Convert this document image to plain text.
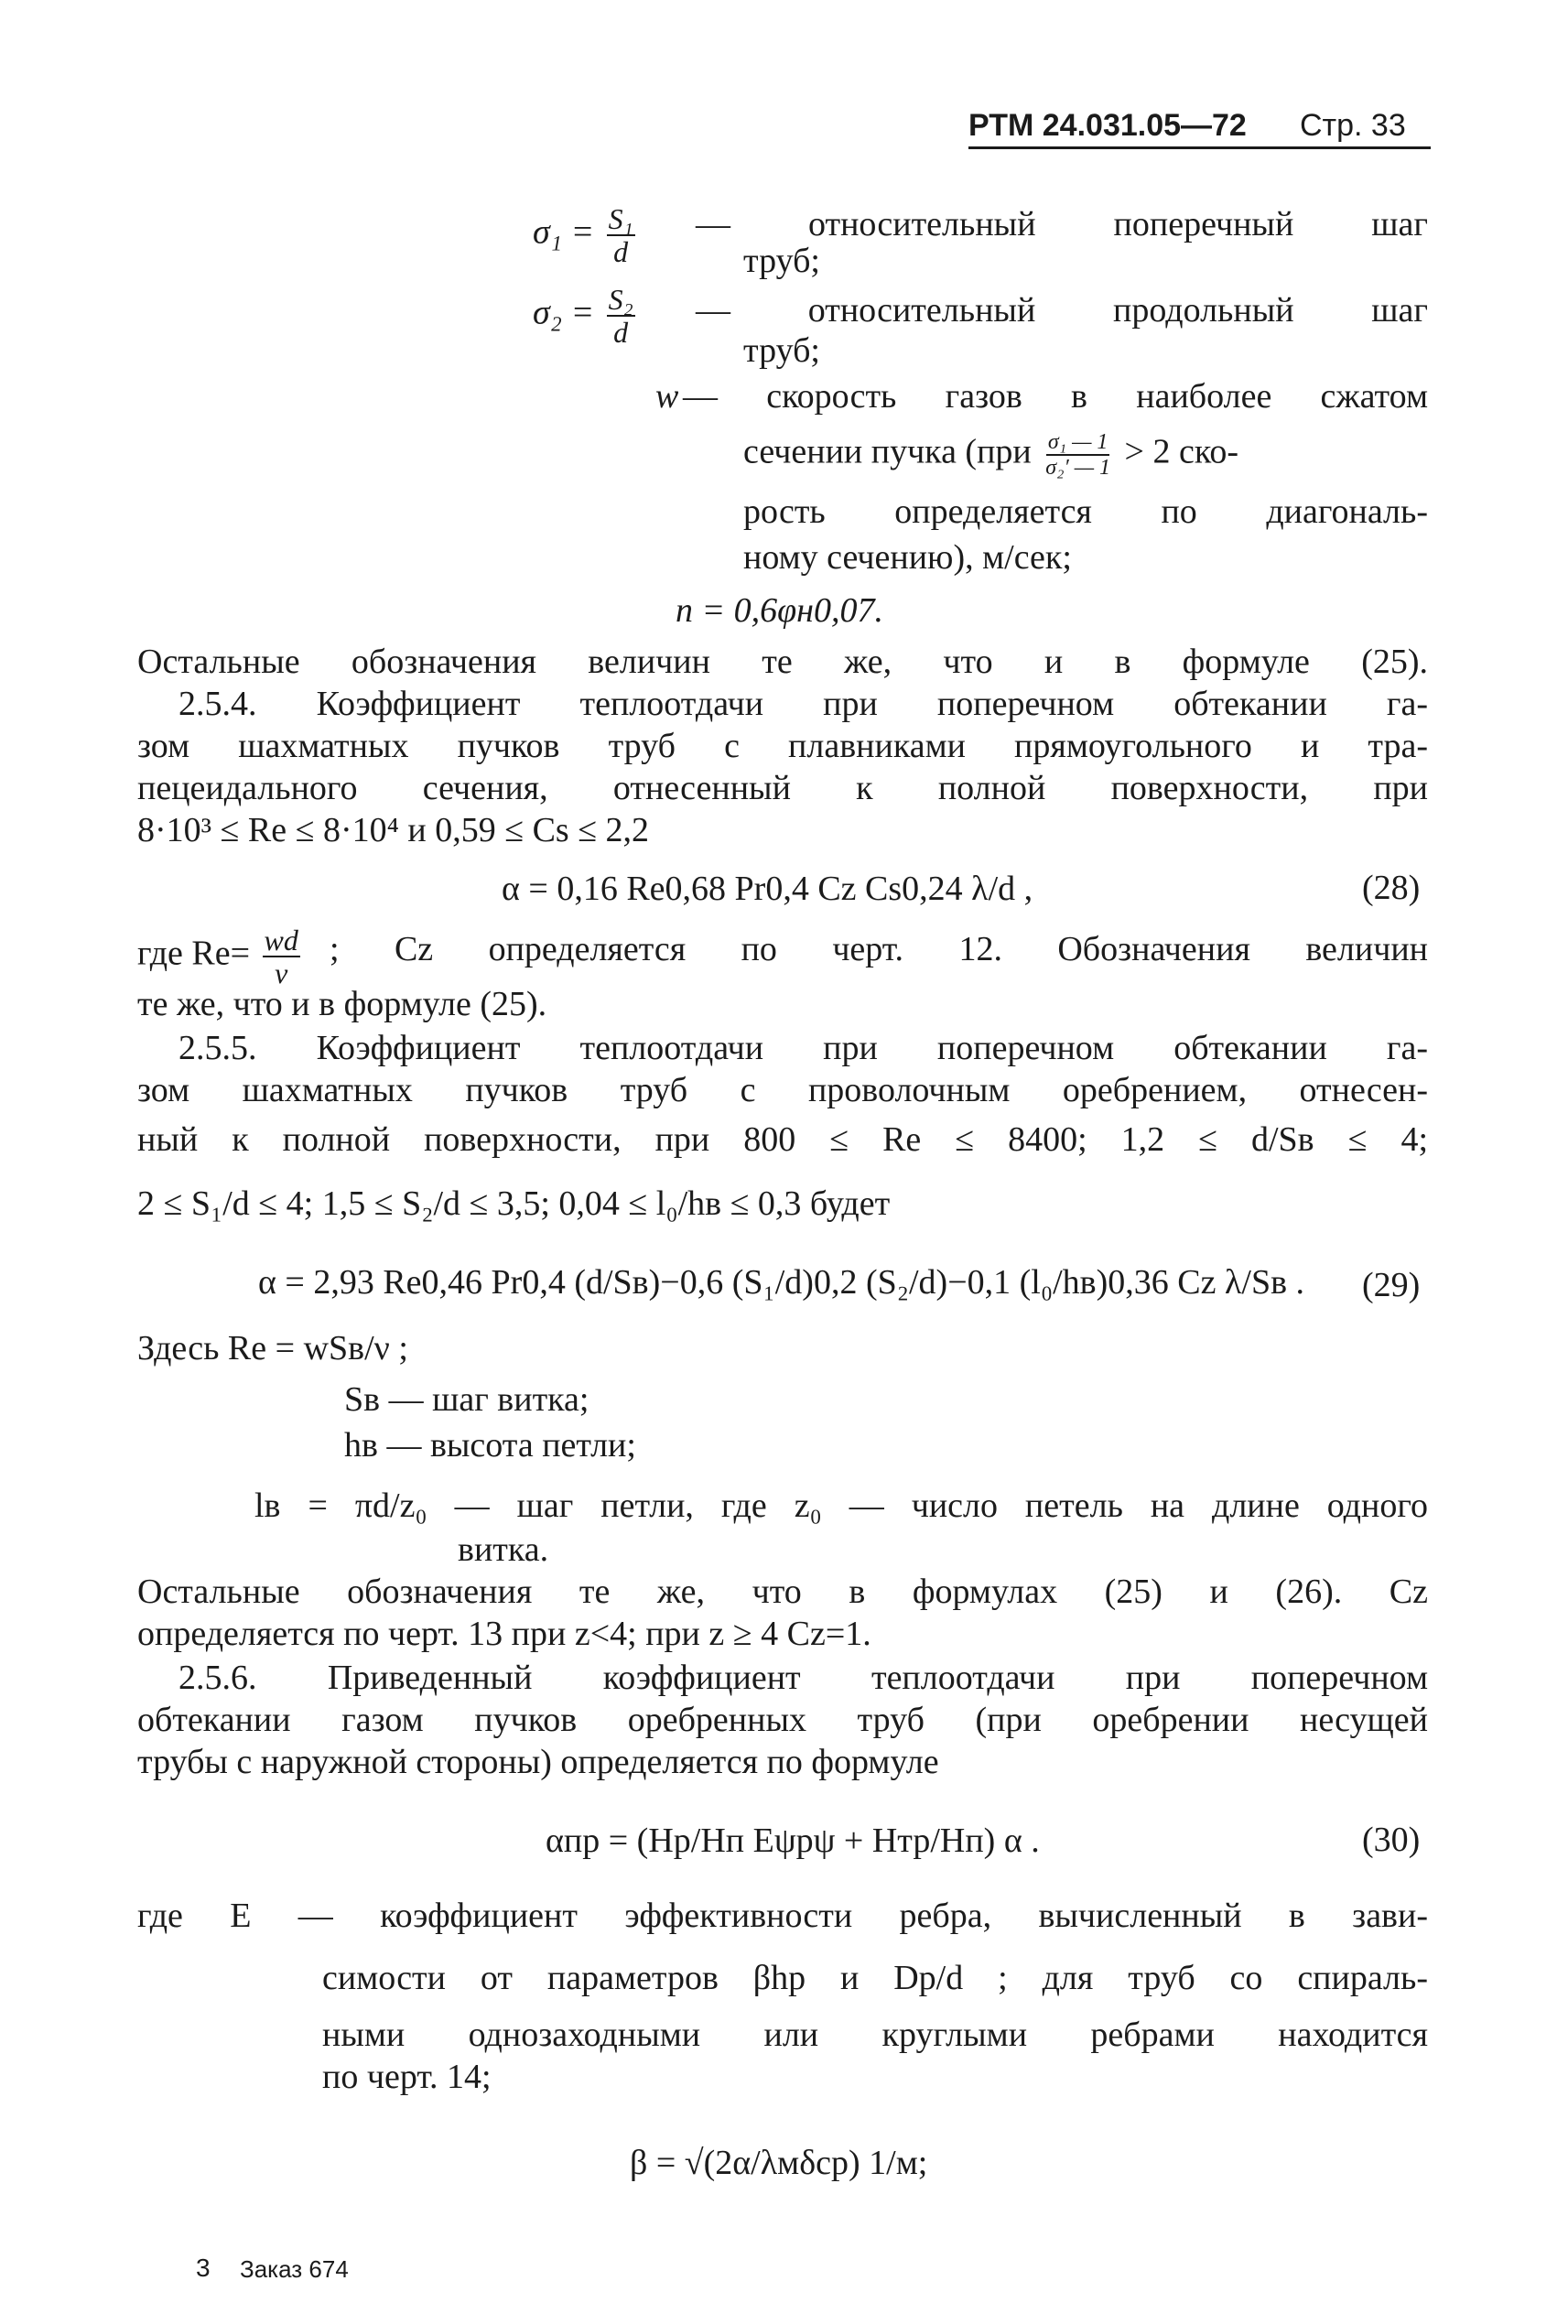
РТМ 24.031.05—72 Стр. 33
$\sigma_1 = \frac{\text{S₁}}{d}$ — относительный поперечный шаг
труб;
$\sigma_2 = \frac{\text{S₂}}{d}$ — относительный продольный шаг
труб;
w — скорость газов в наиболее сжатом
сечении пучка ($при \frac{\text{σ₁ — 1}}{\text{σ₂′ — 1}} > 2$ ско-
рость определяется по диагональ-
ному сечению), м/сек;
n = 0,6φн0,07.
Остальные обозначения величин те же, что и в формуле (25).
2.5.4. Коэффициент теплоотдачи при поперечном обтекании га-
зом шахматных пучков труб с плавниками прямоугольного и тра-
пецеидального сечения, отнесенный к полной поверхности, при
8·10³ ≤ Re ≤ 8·10⁴ и 0,59 ≤ Cs ≤ 2,2
α = 0,16 Re0,68 Pr0,4 Cz Cs0,24 λ/d ,	(28)
где $Re= \frac{wd}{\nu}$ ; Cz определяется по черт. 12. Обозначения величин
те же, что и в формуле (25).
2.5.5. Коэффициент теплоотдачи при поперечном обтекании га-
зом шахматных пучков труб с проволочным оребрением, отнесен-
ный к полной поверхности, при 800 ≤ Re ≤ 8400; 1,2 ≤ d/Sв ≤ 4;
2 ≤ S₁/d ≤ 4; 1,5 ≤ S₂/d ≤ 3,5; 0,04 ≤ l₀/hв ≤ 0,3 будет
α = 2,93 Re0,46 Pr0,4 (d/Sв)−0,6 (S₁/d)0,2 (S₂/d)−0,1 (l₀/hв)0,36 Cz λ/Sв . (29)
Здесь Re = wSв/ν ;
Sв — шаг витка;
hв — высота петли;
lв = πd/z₀ — шаг петли, где z₀ — число петель на длине одного
витка.
Остальные обозначения те же, что в формулах (25) и (26). Cz
определяется по черт. 13 при z<4; при z ≥ 4 Cz=1.
2.5.6. Приведенный коэффициент теплоотдачи при поперечном
обтекании газом пучков оребренных труб (при оребрении несущей
трубы с наружной стороны) определяется по формуле
αпр = (Hр/Hп Eψрψ + Hтр/Hп) α .	(30)
где E — коэффициент эффективности ребра, вычисленный в зави-
симости от параметров βhр и Dр/d ; для труб со спираль-
ными однозаходными или круглыми ребрами находится
по черт. 14;
β = √(2α/λмδср) 1/м;
3 Заказ 674
